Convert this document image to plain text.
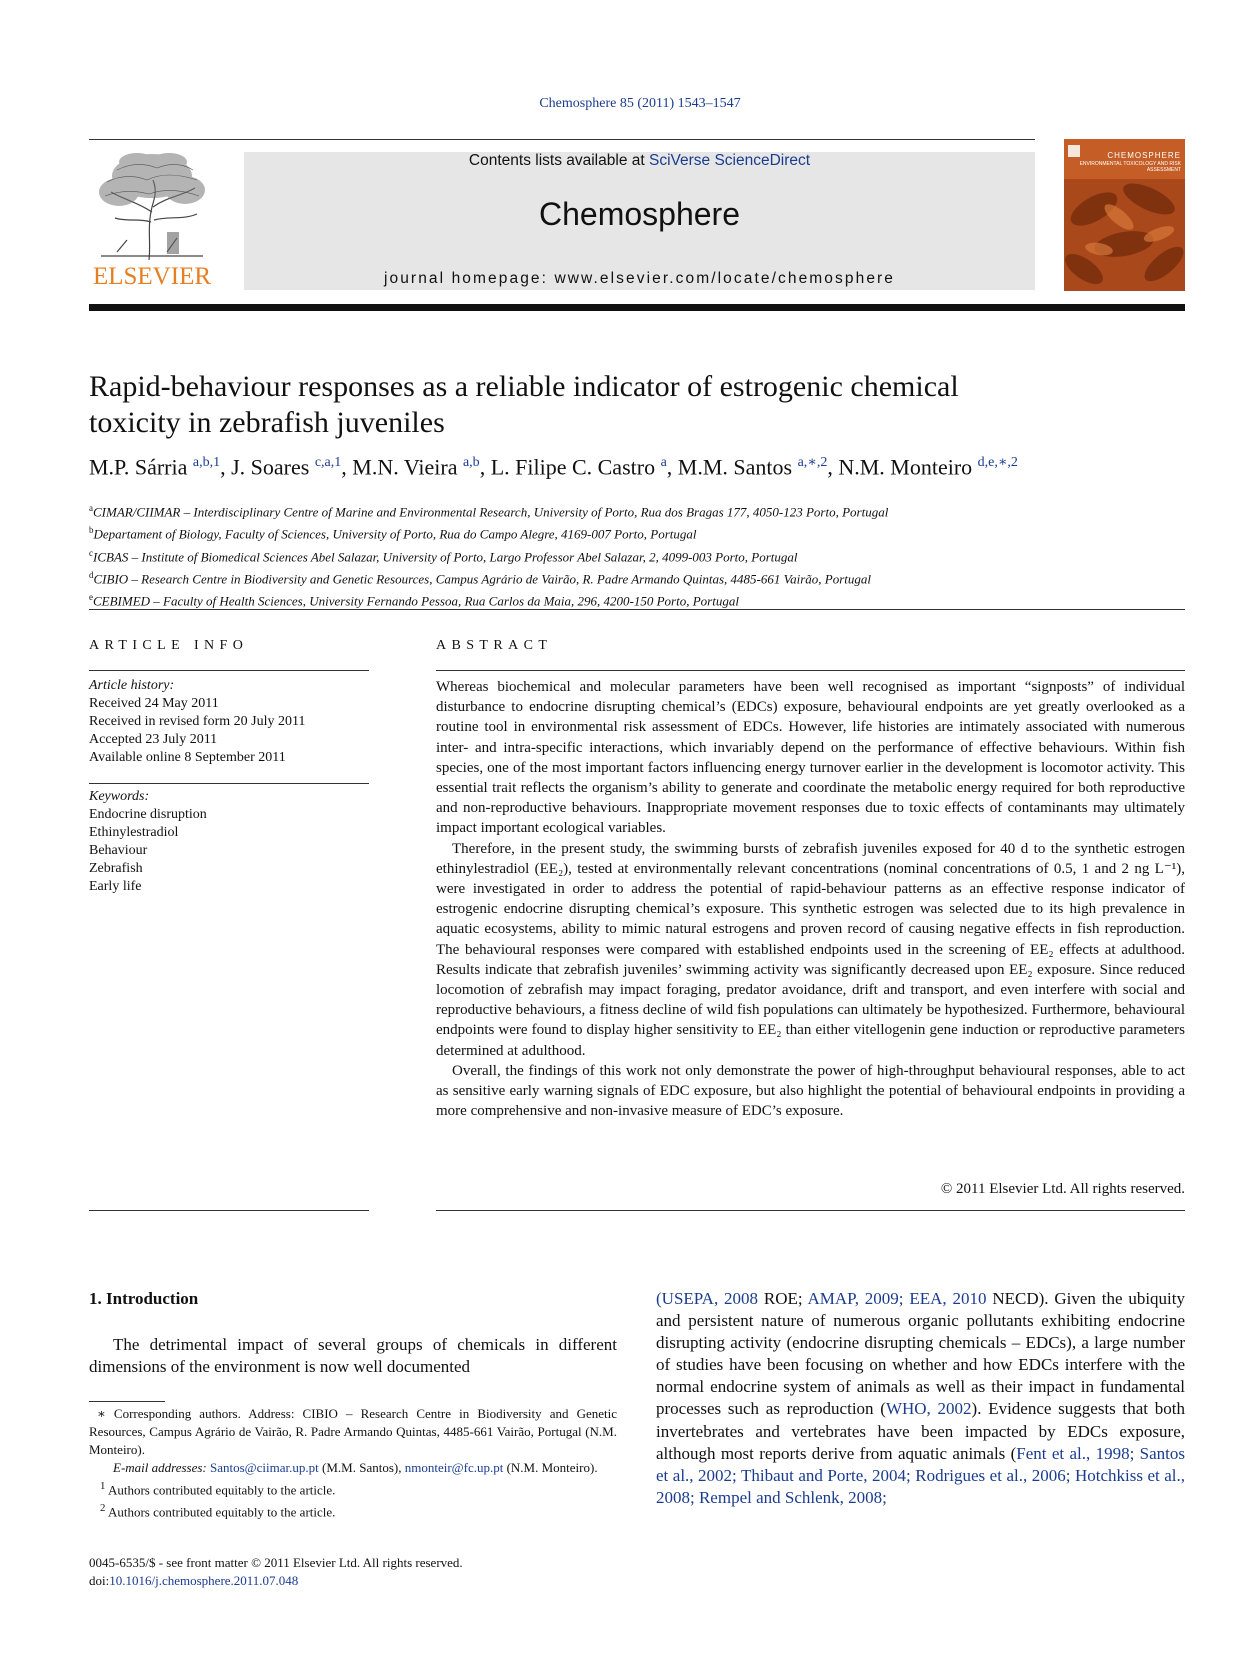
Chemosphere 85 (2011) 1543–1547
ELSEVIER
Contents lists available at SciVerse ScienceDirect
Chemosphere
journal homepage: www.elsevier.com/locate/chemosphere
CHEMOSPHERE
ENVIRONMENTAL TOXICOLOGY AND RISK ASSESSMENT
Rapid-behaviour responses as a reliable indicator of estrogenic chemical
toxicity in zebrafish juveniles
M.P. Sárria $^{a,b,1}$, J. Soares $^{c,a,1}$, M.N. Vieira $^{a,b}$, L. Filipe C. Castro $^a$, M.M. Santos $^{a,∗,2}$, N.M. Monteiro $^{d,e,∗,2}$
$^a$CIMAR/CIIMAR – Interdisciplinary Centre of Marine and Environmental Research, University of Porto, Rua dos Bragas 177, 4050-123 Porto, Portugal
$^b$Departament of Biology, Faculty of Sciences, University of Porto, Rua do Campo Alegre, 4169-007 Porto, Portugal
$^c$ICBAS – Institute of Biomedical Sciences Abel Salazar, University of Porto, Largo Professor Abel Salazar, 2, 4099-003 Porto, Portugal
$^d$CIBIO – Research Centre in Biodiversity and Genetic Resources, Campus Agrário de Vairão, R. Padre Armando Quintas, 4485-661 Vairão, Portugal
$^e$CEBIMED – Faculty of Health Sciences, University Fernando Pessoa, Rua Carlos da Maia, 296, 4200-150 Porto, Portugal
ARTICLE INFO
Article history:
Received 24 May 2011
Received in revised form 20 July 2011
Accepted 23 July 2011
Available online 8 September 2011
Keywords:
Endocrine disruption
Ethinylestradiol
Behaviour
Zebrafish
Early life
ABSTRACT

Whereas biochemical and molecular parameters have been well recognised as important “signposts” of individual disturbance to endocrine disrupting chemical’s (EDCs) exposure, behavioural endpoints are yet greatly overlooked as a routine tool in environmental risk assessment of EDCs. However, life histories are intimately associated with numerous inter- and intra-specific interactions, which invariably depend on the performance of effective behaviours. Within fish species, one of the most important factors influencing energy turnover earlier in the development is locomotor activity. This essential trait reflects the organism’s ability to generate and coordinate the metabolic energy required for both reproductive and non-reproductive behaviours. Inappropriate movement responses due to toxic effects of contaminants may ultimately impact important ecological variables.

Therefore, in the present study, the swimming bursts of zebrafish juveniles exposed for 40 d to the synthetic estrogen ethinylestradiol (EE₂), tested at environmentally relevant concentrations (nominal concentrations of 0.5, 1 and 2 ng L⁻¹), were investigated in order to address the potential of rapid-behaviour patterns as an effective response indicator of estrogenic endocrine disrupting chemical’s exposure. This synthetic estrogen was selected due to its high prevalence in aquatic ecosystems, ability to mimic natural estrogens and proven record of causing negative effects in fish reproduction. The behavioural responses were compared with established endpoints used in the screening of EE₂ effects at adulthood. Results indicate that zebrafish juveniles’ swimming activity was significantly decreased upon EE₂ exposure. Since reduced locomotion of zebrafish may impact foraging, predator avoidance, drift and transport, and even interfere with social and reproductive behaviours, a fitness decline of wild fish populations can ultimately be hypothesized. Furthermore, behavioural endpoints were found to display higher sensitivity to EE₂ than either vitellogenin gene induction or reproductive parameters determined at adulthood.

Overall, the findings of this work not only demonstrate the power of high-throughput behavioural responses, able to act as sensitive early warning signals of EDC exposure, but also highlight the potential of behavioural endpoints in providing a more comprehensive and non-invasive measure of EDC’s exposure.

© 2011 Elsevier Ltd. All rights reserved.
1. Introduction
The detrimental impact of several groups of chemicals in different dimensions of the environment is now well documented
(USEPA, 2008 ROE; AMAP, 2009; EEA, 2010 NECD). Given the ubiquity and persistent nature of numerous organic pollutants exhibiting endocrine disrupting activity (endocrine disrupting chemicals – EDCs), a large number of studies have been focusing on whether and how EDCs interfere with the normal endocrine system of animals as well as their impact in fundamental processes such as reproduction (WHO, 2002). Evidence suggests that both invertebrates and vertebrates have been impacted by EDCs exposure, although most reports derive from aquatic animals (Fent et al., 1998; Santos et al., 2002; Thibaut and Porte, 2004; Rodrigues et al., 2006; Hotchkiss et al., 2008; Rempel and Schlenk, 2008;

∗ Corresponding authors. Address: CIBIO – Research Centre in Biodiversity and Genetic Resources, Campus Agrário de Vairão, R. Padre Armando Quintas, 4485-661 Vairão, Portugal (N.M. Monteiro).

E-mail addresses: Santos@ciimar.up.pt (M.M. Santos), nmonteir@fc.up.pt (N.M. Monteiro).

$^1$ Authors contributed equitably to the article.

$^2$ Authors contributed equitably to the article.

0045-6535/$ - see front matter © 2011 Elsevier Ltd. All rights reserved.
doi:10.1016/j.chemosphere.2011.07.048
